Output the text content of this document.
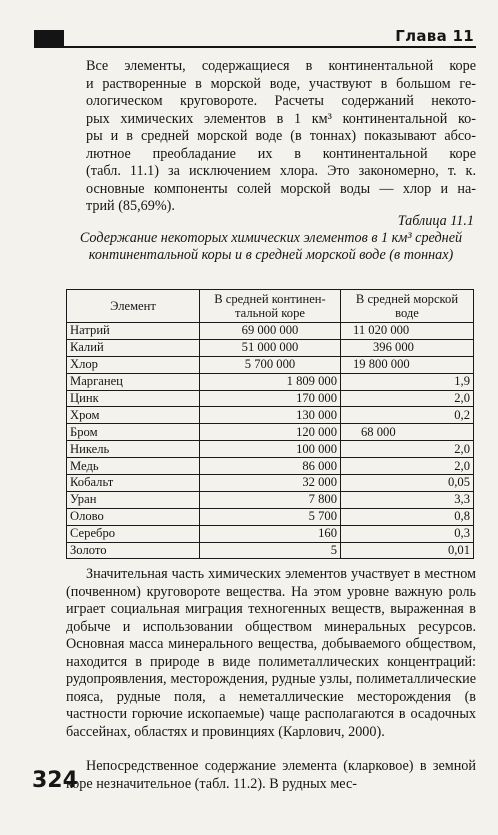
Глава 11

Все элементы, содержащиеся в континентальной коре
и растворенные в морской воде, участвуют в большом ге-
ологическом круговороте. Расчеты содержаний некото-
рых химических элементов в 1 км³ континентальной ко-
ры и в средней морской воде (в тоннах) показывают абсо-
лютное преобладание их в континентальной коре
(табл. 11.1) за исключением хлора. Это закономерно, т. к.
основные компоненты солей морской воды — хлор и на-
трий (85,69%).

Таблица 11.1
Содержание некоторых химических элементов в 1 км³ средней континентальной коры и в средней морской воде (в тоннах)
Элемент	В средней континен-тальной коре	В средней морской воде
Натрий	69 000 000	11 020 000
Калий	51 000 000	396 000
Хлор	5 700 000	19 800 000
Марганец	1 809 000	1,9
Цинк	170 000	2,0
Хром	130 000	0,2
Бром	120 000	68 000
Никель	100 000	2,0
Медь	86 000	2,0
Кобальт	32 000	0,05
Уран	7 800	3,3
Олово	5 700	0,8
Серебро	160	0,3
Золото	5	0,01

Значительная часть химических элементов участвует в местном (почвенном) круговороте вещества. На этом уровне важную роль играет социальная миграция техногенных веществ, выраженная в добыче и использовании обществом минеральных ресурсов. Основная масса минерального вещества, добываемого обществом, находится в природе в виде полиметаллических концентраций: рудопроявления, месторождения, рудные узлы, полиметаллические пояса, рудные поля, а неметаллические месторождения (в частности горючие ископаемые) чаще располагаются в осадочных бассейнах, областях и провинциях (Карлович, 2000).

324

Непосредственное содержание элемента (кларковое) в земной коре незначительное (табл. 11.2). В рудных мес-
